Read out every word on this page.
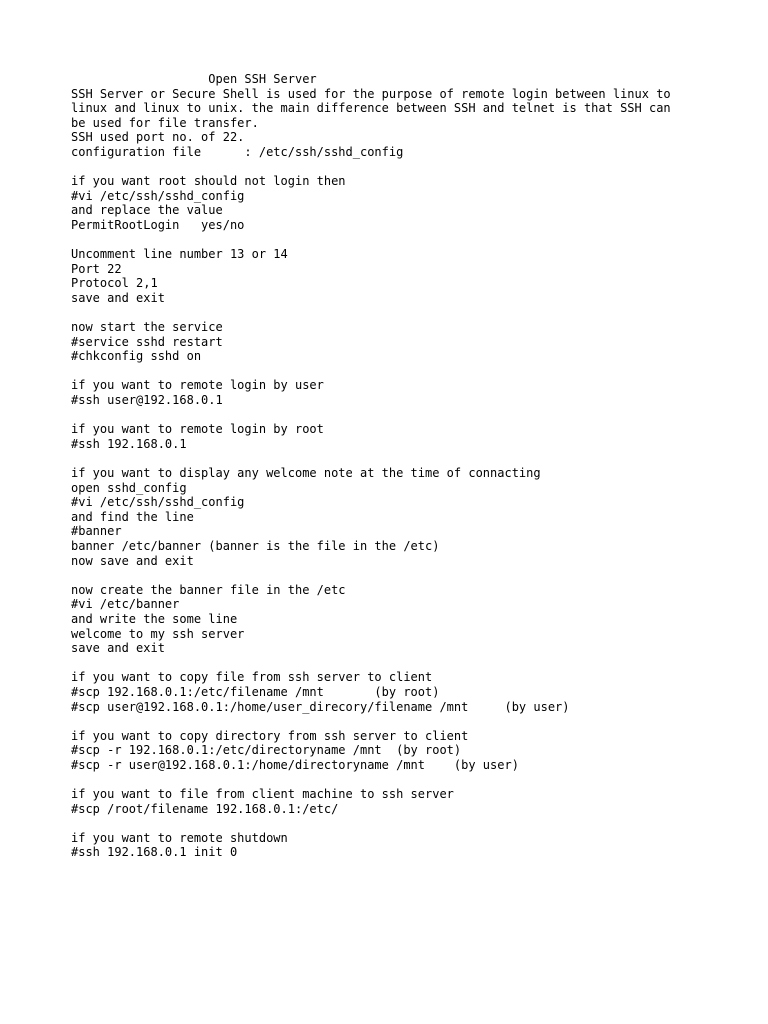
Open SSH Server
SSH Server or Secure Shell is used for the purpose of remote login between linux to
linux and linux to unix. the main difference between SSH and telnet is that SSH can
be used for file transfer.
SSH used port no. of 22.
configuration file      : /etc/ssh/sshd_config
if you want root should not login then
#vi /etc/ssh/sshd_config
and replace the value
PermitRootLogin   yes/no
Uncomment line number 13 or 14
Port 22
Protocol 2,1
save and exit
now start the service
#service sshd restart
#chkconfig sshd on
if you want to remote login by user
#ssh user@192.168.0.1
if you want to remote login by root
#ssh 192.168.0.1
if you want to display any welcome note at the time of connacting
open sshd_config
#vi /etc/ssh/sshd_config
and find the line
#banner
banner /etc/banner (banner is the file in the /etc)
now save and exit
now create the banner file in the /etc
#vi /etc/banner
and write the some line
welcome to my ssh server
save and exit
if you want to copy file from ssh server to client
#scp 192.168.0.1:/etc/filename /mnt       (by root)
#scp user@192.168.0.1:/home/user_direcory/filename /mnt     (by user)
if you want to copy directory from ssh server to client
#scp -r 192.168.0.1:/etc/directoryname /mnt  (by root)
#scp -r user@192.168.0.1:/home/directoryname /mnt    (by user)
if you want to file from client machine to ssh server
#scp /root/filename 192.168.0.1:/etc/
if you want to remote shutdown
#ssh 192.168.0.1 init 0
